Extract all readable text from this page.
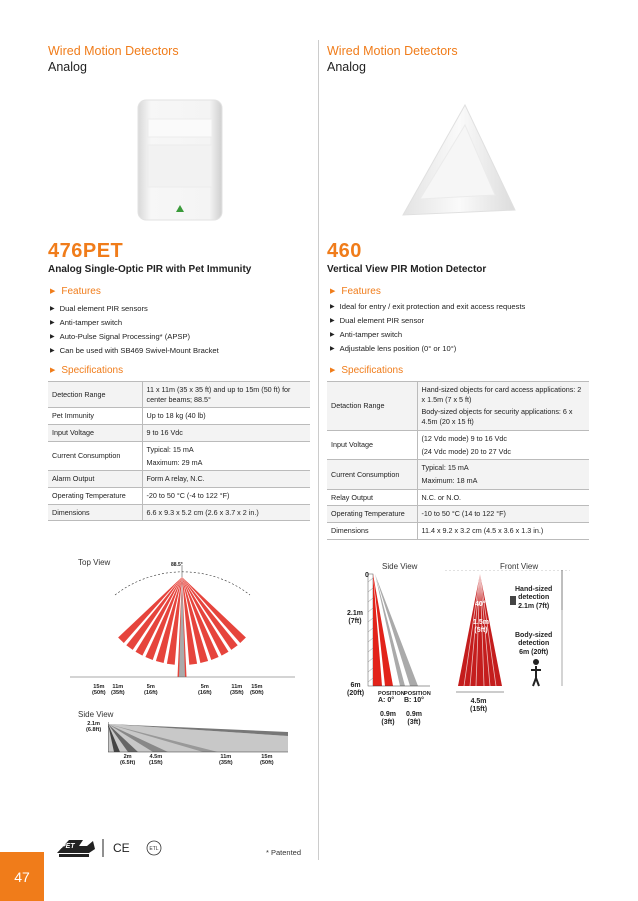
Wired Motion Detectors
Analog
Wired Motion Detectors
Analog
476PET
Analog Single-Optic PIR with Pet Immunity
460
Vertical View PIR Motion Detector
▶ Features
▶ Dual element PIR sensors
▶ Anti-tamper switch
▶ Auto-Pulse Signal Processing* (APSP)
▶ Can be used with SB469 Swivel-Mount Bracket
▶ Features
▶ Ideal for entry / exit protection and exit access requests
▶ Dual element PIR sensor
▶ Anti-tamper switch
▶ Adjustable lens position (0° or 10°)
▶ Specifications	▶ Specifications
Detection Range	11 x 11m (35 x 35 ft) and up to 15m (50 ft) for center beams; 88.5°
Pet Immunity	Up to 18 kg (40 lb)
Input Voltage	9 to 16 Vdc
Current Consumption	Typical: 15 mA
Maximum: 29 mA

Alarm Output	Form A relay, N.C.
Operating Temperature	-20 to 50 °C (-4 to 122 °F)
Dimensions	6.6 x 9.3 x 5.2 cm (2.6 x 3.7 x 2 in.)
Detaction Range	Hand-sized objects for card access applications: 2 x 1.5m (7 x 5 ft)
Body-sized objects for security applications: 6 x 4.5m (20 x 15 ft)

Input Voltage	(12 Vdc mode) 9 to 16 Vdc
(24 Vdc mode) 20 to 27 Vdc

Current Consumption	Typical: 15 mA
Maximum: 18 mA

Relay Output	N.C. or N.O.
Operating Temperature	-10 to 50 °C (14 to 122 °F)
Dimensions	11.4 x 9.2 x 3.2 cm (4.5 x 3.6 x 1.3 in.)
Top View	88.5°
15m
(50ft)
11m
(35ft)
5m
(16ft)
5m
(16ft)
11m
(35ft)
15m
(50ft)
Side View
2.1m
(6.8ft)
2m
(6.5ft)
4.5m
(15ft)
11m
(35ft)
15m
(50ft)
Side View	Front View
0
2.1m
(7ft)
6m
(20ft) POSITION
A: 0°
POSITION
B: 10°
0.9m
(3ft)
0.9m
(3ft)
40°
1.5m
(5ft)
4.5m
(15ft)
Hand-sized
detection
2.1m (7ft)
Body-sized
detection
6m (20ft)
ETL
PET	CE	* Patented
47
